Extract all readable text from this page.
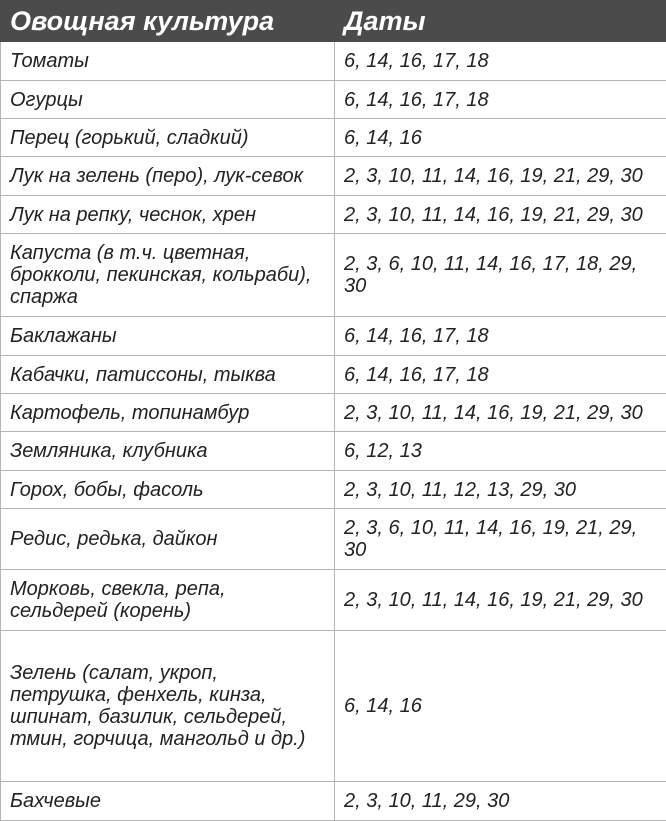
Овощная культура	Даты
Томаты	6, 14, 16, 17, 18
Огурцы	6, 14, 16, 17, 18
Перец (горький, сладкий)	6, 14, 16
Лук на зелень (перо), лук-севок	2, 3, 10, 11, 14, 16, 19, 21, 29, 30
Лук на репку, чеснок, хрен	2, 3, 10, 11, 14, 16, 19, 21, 29, 30
Капуста (в т.ч. цветная, брокколи, пекинская, кольраби), спаржа	2, 3, 6, 10, 11, 14, 16, 17, 18, 29, 30
Баклажаны	6, 14, 16, 17, 18
Кабачки, патиссоны, тыква	6, 14, 16, 17, 18
Картофель, топинамбур	2, 3, 10, 11, 14, 16, 19, 21, 29, 30
Земляника, клубника	6, 12, 13
Горох, бобы, фасоль	2, 3, 10, 11, 12, 13, 29, 30
Редис, редька, дайкон	2, 3, 6, 10, 11, 14, 16, 19, 21, 29, 30
Морковь, свекла, репа, сельдерей (корень)	2, 3, 10, 11, 14, 16, 19, 21, 29, 30
Зелень (салат, укроп, петрушка, фенхель, кинза, шпинат, базилик, сельдерей, тмин, горчица, мангольд и др.)	6, 14, 16
Бахчевые	2, 3, 10, 11, 29, 30
